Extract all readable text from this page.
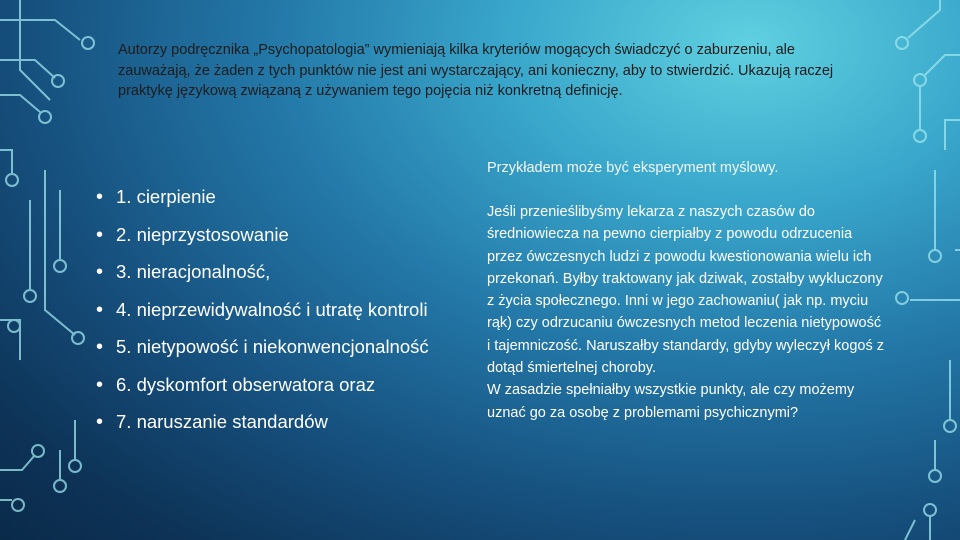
Autorzy podręcznika „Psychopatologia” wymieniają kilka kryteriów mogących świadczyć o zaburzeniu, ale zauważają, że żaden z tych punktów nie jest ani wystarczający, ani konieczny, aby to stwierdzić. Ukazują raczej praktykę językową związaną z używaniem tego pojęcia niż konkretną definicję.

Przykładem może być eksperyment myślowy.

• 1. cierpienie
• 2. nieprzystosowanie
• 3. nieracjonalność,
• 4. nieprzewidywalność i utratę kontroli
• 5. nietypowość i niekonwencjonalność
• 6. dyskomfort obserwatora oraz
• 7. naruszanie standardów

Jeśli przenieślibyśmy lekarza z naszych czasów do średniowiecza na pewno cierpiałby z powodu odrzucenia przez ówczesnych ludzi z powodu kwestionowania wielu ich przekonań. Byłby traktowany jak dziwak, zostałby wykluczony z życia społecznego. Inni w jego zachowaniu( jak np. myciu rąk) czy odrzucaniu ówczesnych metod leczenia nietypowość i tajemniczość. Naruszałby standardy, gdyby wyleczył kogoś z dotąd śmiertelnej choroby.

W zasadzie spełniałby wszystkie punkty, ale czy możemy uznać go za osobę z problemami psychicznymi?
